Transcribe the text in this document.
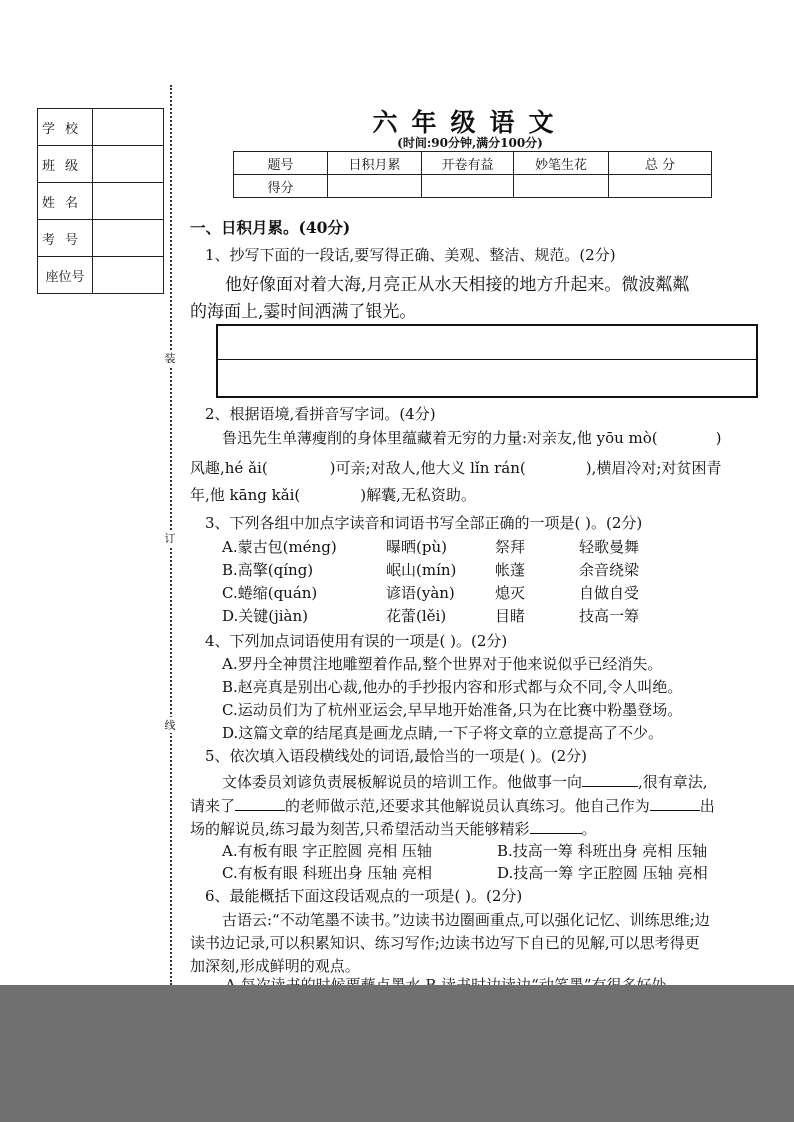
学校	
班级	
姓名	
考号	
座位号	
装
订
线
六年级语文
(时间:90分钟,满分100分)
题号	日积月累	开卷有益	妙笔生花	总 分
得分				
一、日积月累。(40分)
1、抄写下面的一段话,要写得正确、美观、整洁、规范。(2分)
他好像面对着大海,月亮正从水天相接的地方升起来。微波粼粼
的海面上,霎时间洒满了银光。
2、根据语境,看拼音写字词。(4分)
鲁迅先生单薄瘦削的身体里蕴藏着无穷的力量:对亲友,他 yōu mò(	)
风趣,hé ǎi(	)可亲;对敌人,他大义 lǐn rán(	),横眉冷对;对贫困青
年,他 kāng kǎi(	)解囊,无私资助。
3、下列各组中加点字读音和词语书写全部正确的一项是( )。(2分)
A.蒙古包(méng)	曝晒(pù)	祭拜	轻歌曼舞
B.高擎(qíng)	岷山(mín)	帐蓬	余音绕梁
C.蜷缩(quán)	谚语(yàn)	熄灭	自做自受
D.关键(jiàn)	花蕾(lěi)	目睹	技高一筹
4、下列加点词语使用有误的一项是( )。(2分)
A.罗丹全神贯注地雕塑着作品,整个世界对于他来说似乎已经消失。
B.赵亮真是别出心裁,他办的手抄报内容和形式都与众不同,令人叫绝。
C.运动员们为了杭州亚运会,早早地开始准备,只为在比赛中粉墨登场。
D.这篇文章的结尾真是画龙点睛,一下子将文章的立意提高了不少。
5、依次填入语段横线处的词语,最恰当的一项是( )。(2分)
文体委员刘谚负责展板解说员的培训工作。他做事一向	,很有章法,
请来了	的老师做示范,还要求其他解说员认真练习。他自己作为	出
场的解说员,练习最为刻苦,只希望活动当天能够精彩	。
A.有板有眼 字正腔圆 亮相 压轴	B.技高一筹 科班出身 亮相 压轴
C.有板有眼 科班出身 压轴 亮相	D.技高一筹 字正腔圆 压轴 亮相
6、最能概括下面这段话观点的一项是( )。(2分)
古语云:“不动笔墨不读书。”边读书边圈画重点,可以强化记忆、训练思维;边
读书边记录,可以积累知识、练习写作;边读书边写下自已的见解,可以思考得更
加深刻,形成鲜明的观点。
